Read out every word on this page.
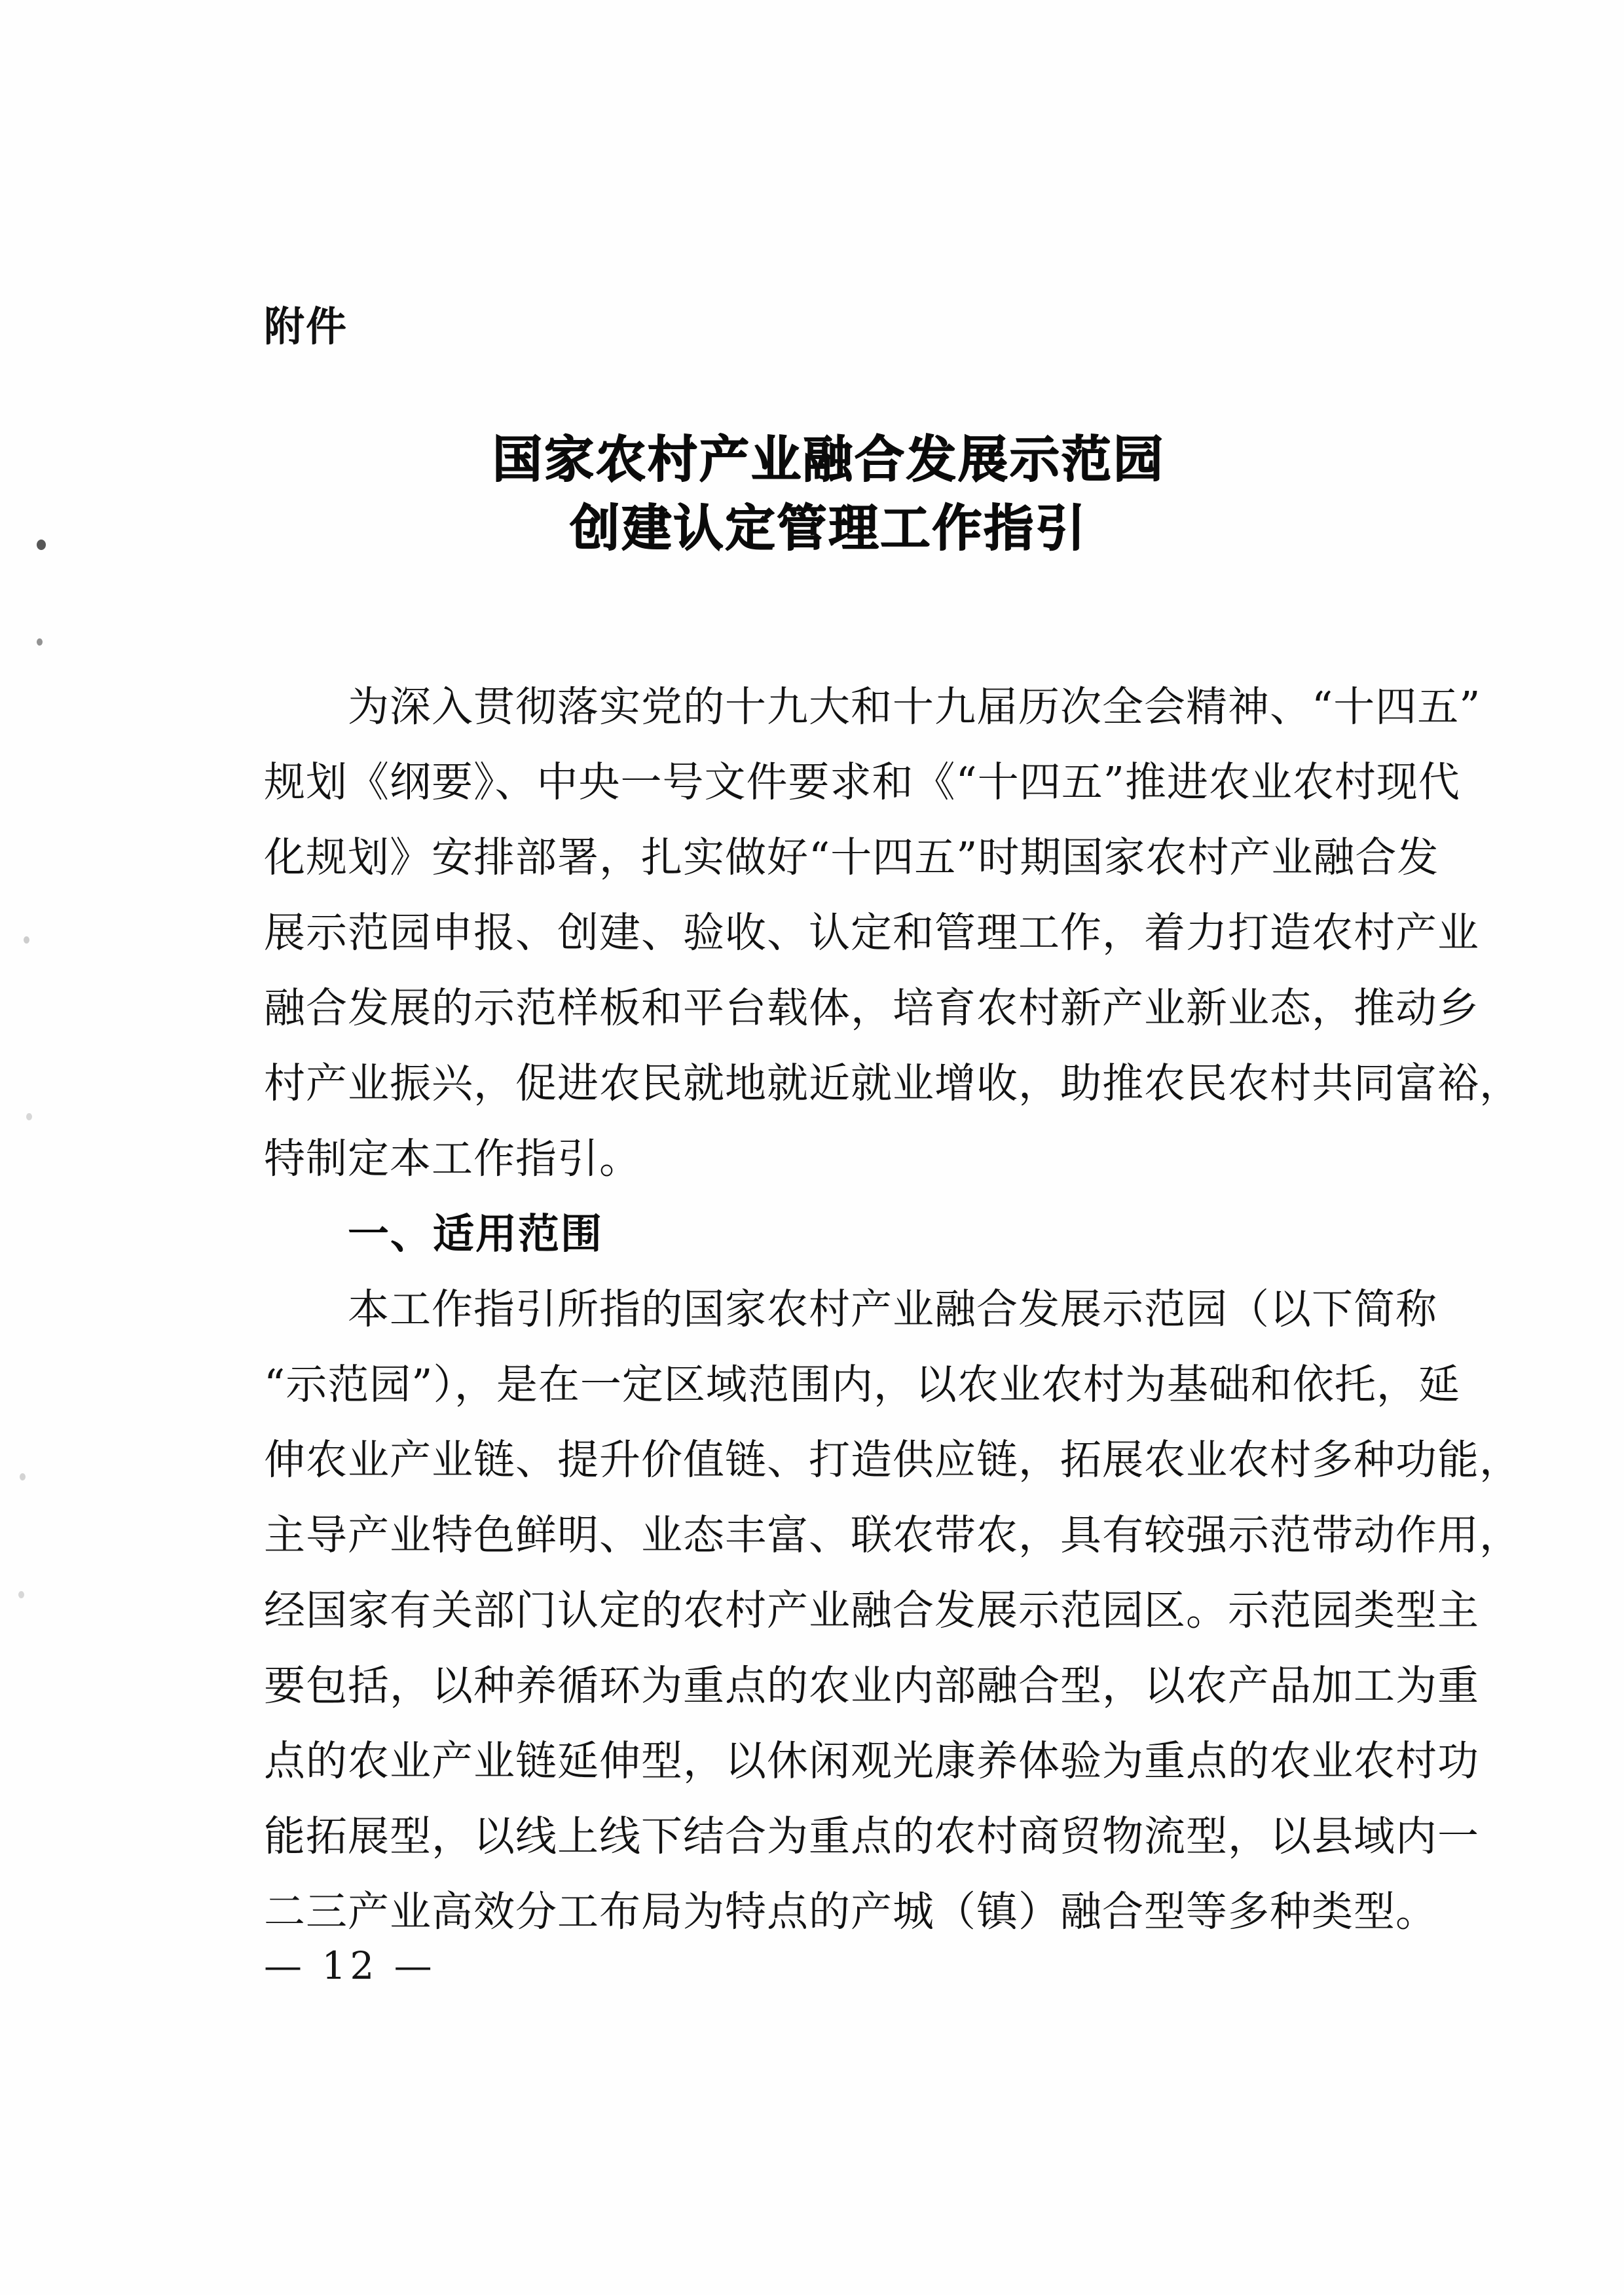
附件
国家农村产业融合发展示范园
创建认定管理工作指引

为深入贯彻落实党的十九大和十九届历次全会精神、“十四五”
规划《纲要》、中央一号文件要求和《“十四五”推进农业农村现代
化规划》安排部署，扎实做好“十四五”时期国家农村产业融合发
展示范园申报、创建、验收、认定和管理工作，着力打造农村产业
融合发展的示范样板和平台载体，培育农村新产业新业态，推动乡
村产业振兴，促进农民就地就近就业增收，助推农民农村共同富裕，
特制定本工作指引。

一、适用范围

本工作指引所指的国家农村产业融合发展示范园（以下简称
“示范园”），是在一定区域范围内，以农业农村为基础和依托，延
伸农业产业链、提升价值链、打造供应链，拓展农业农村多种功能，
主导产业特色鲜明、业态丰富、联农带农，具有较强示范带动作用，
经国家有关部门认定的农村产业融合发展示范园区。示范园类型主
要包括，以种养循环为重点的农业内部融合型，以农产品加工为重
点的农业产业链延伸型，以休闲观光康养体验为重点的农业农村功
能拓展型，以线上线下结合为重点的农村商贸物流型，以县域内一
二三产业高效分工布局为特点的产城（镇）融合型等多种类型。

— 12 —
